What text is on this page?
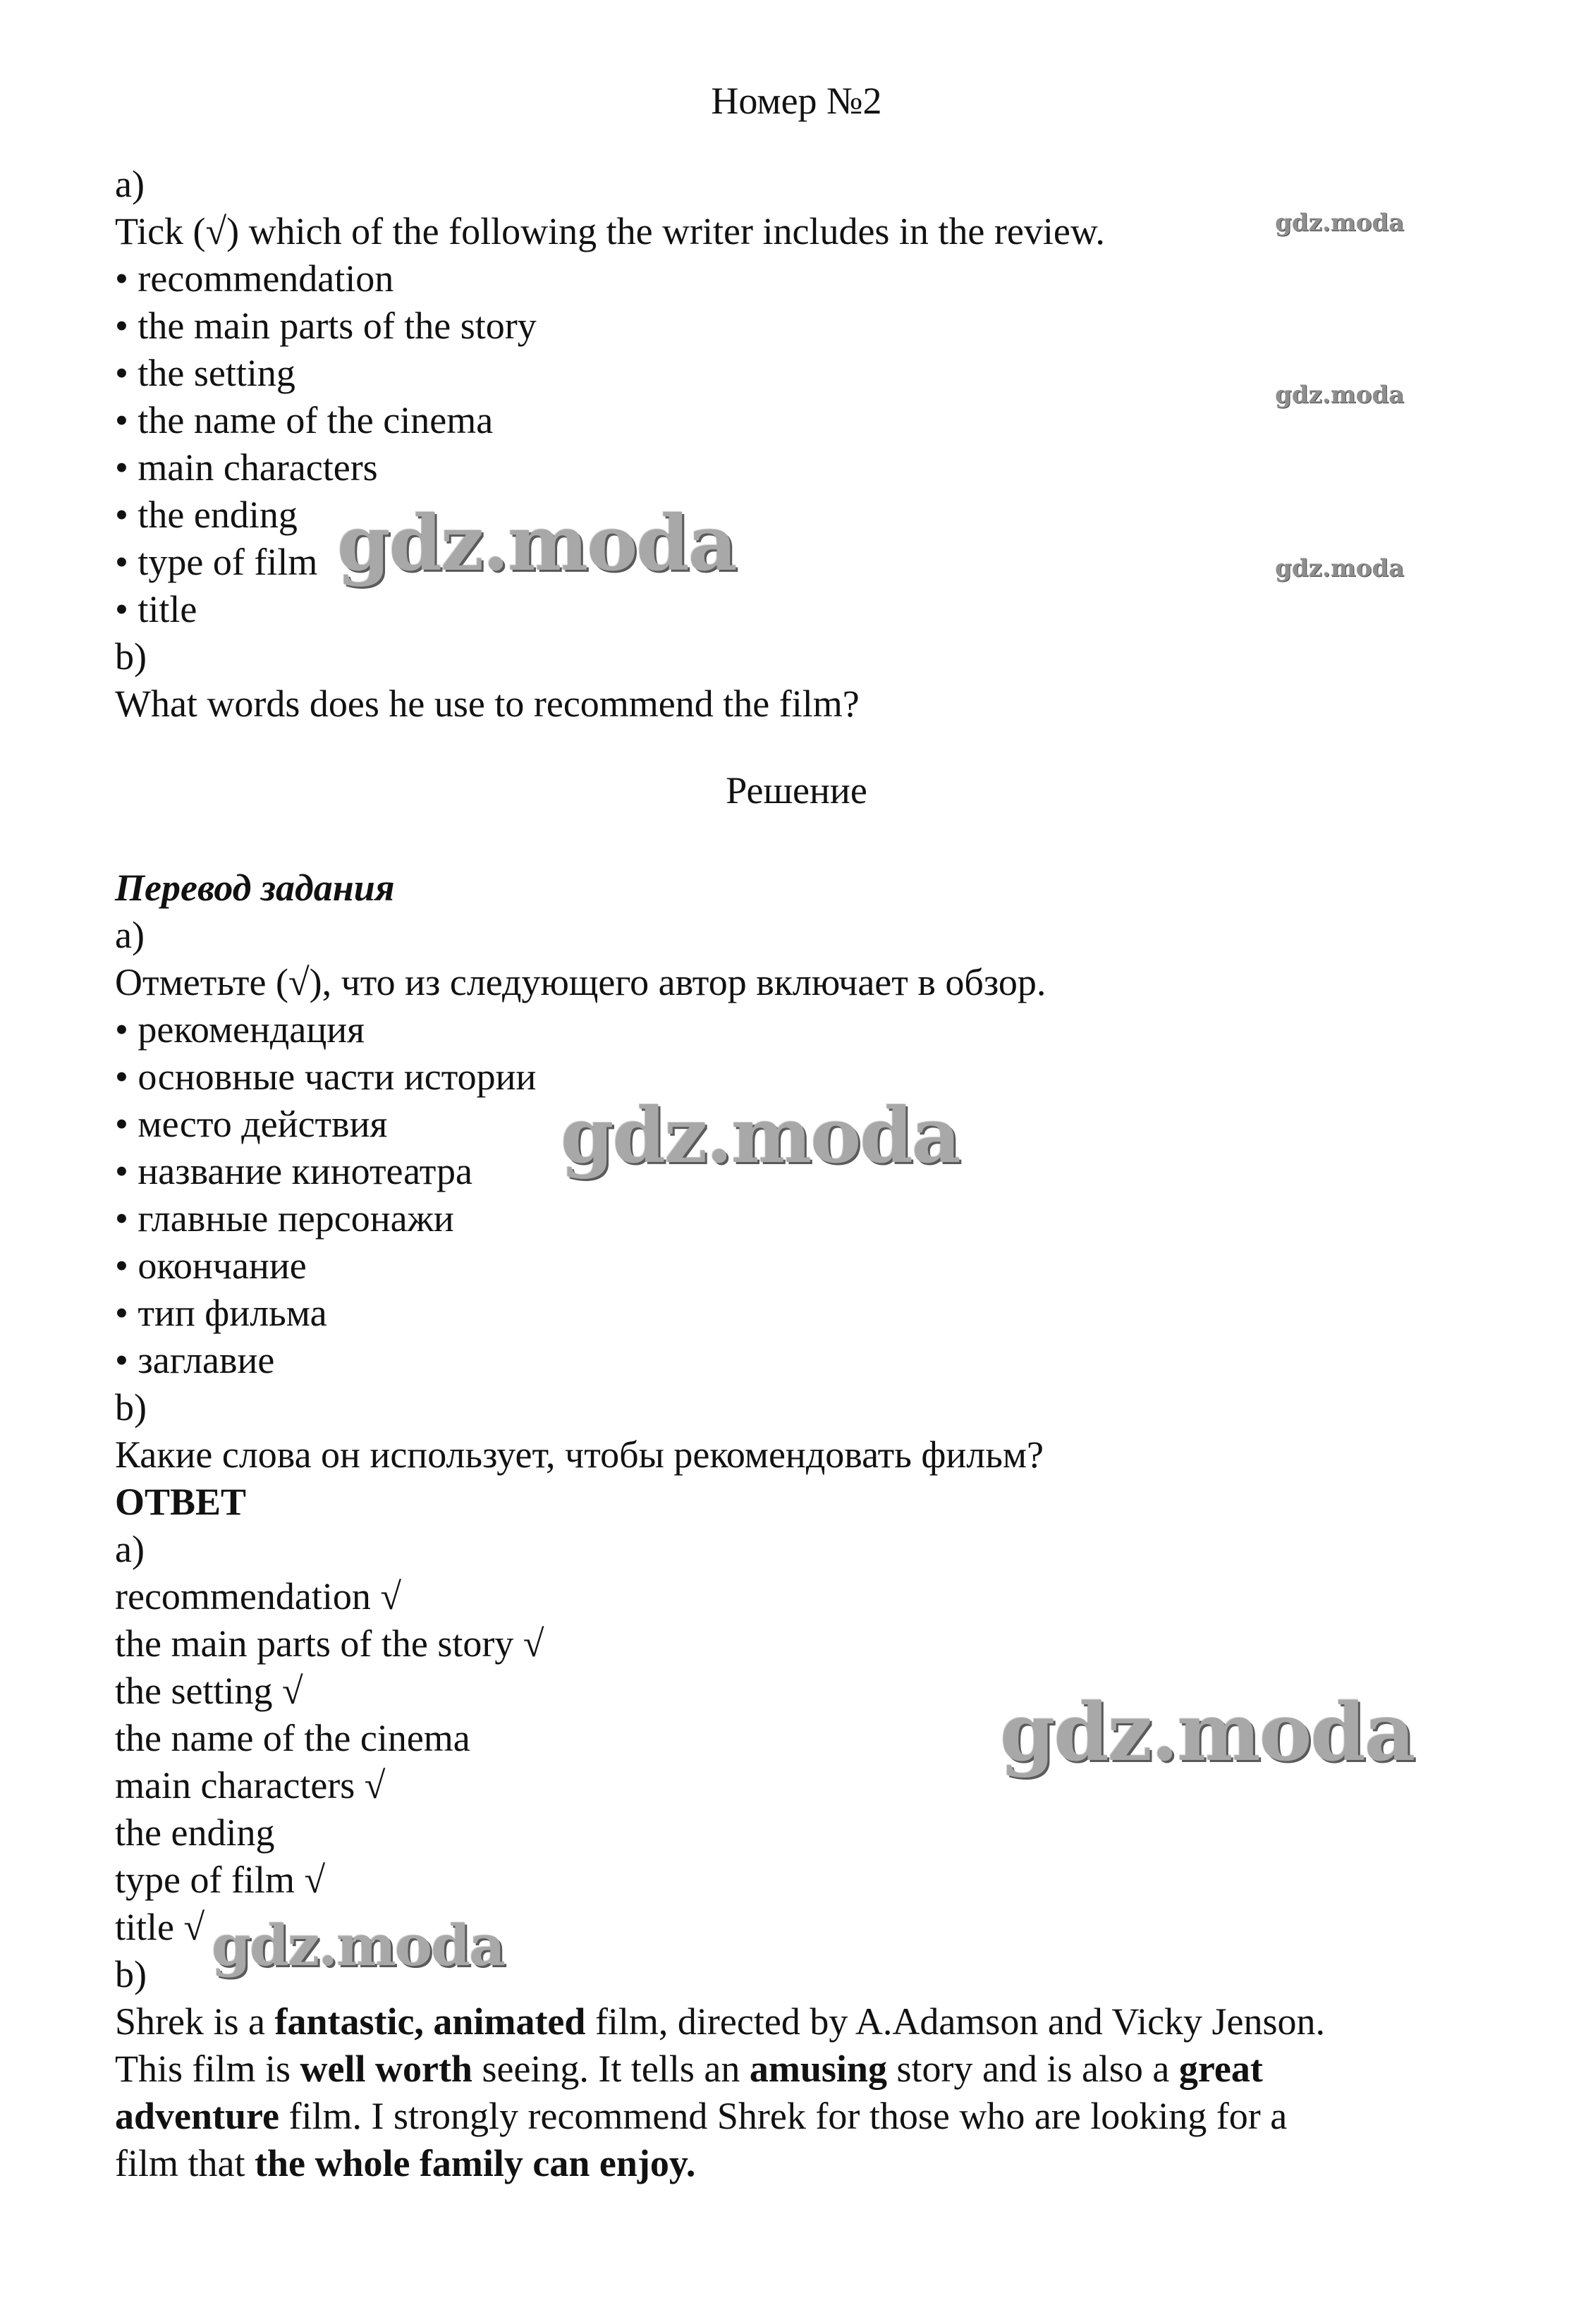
Номер №2
a)
Tick (√) which of the following the writer includes in the review.
• recommendation
• the main parts of the story
• the setting
• the name of the cinema
• main characters
• the ending
• type of film
• title
b)
What words does he use to recommend the film?
Решение
Перевод задания
a)
Отметьте (√), что из следующего автор включает в обзор.
• рекомендация
• основные части истории
• место действия
• название кинотеатра
• главные персонажи
• окончание
• тип фильма
• заглавие
b)
Какие слова он использует, чтобы рекомендовать фильм?
ОТВЕТ
a)
recommendation √
the main parts of the story √
the setting √
the name of the cinema
main characters √
the ending
type of film √
title √
b)
Shrek is a fantastic, animated film, directed by A.Adamson and Vicky Jenson.
This film is well worth seeing. It tells an amusing story and is also a great
adventure film. I strongly recommend Shrek for those who are looking for a
film that the whole family can enjoy.
gdz.moda
gdz.moda
gdz.moda
gdz.moda
gdz.moda
gdz.moda
gdz.moda
